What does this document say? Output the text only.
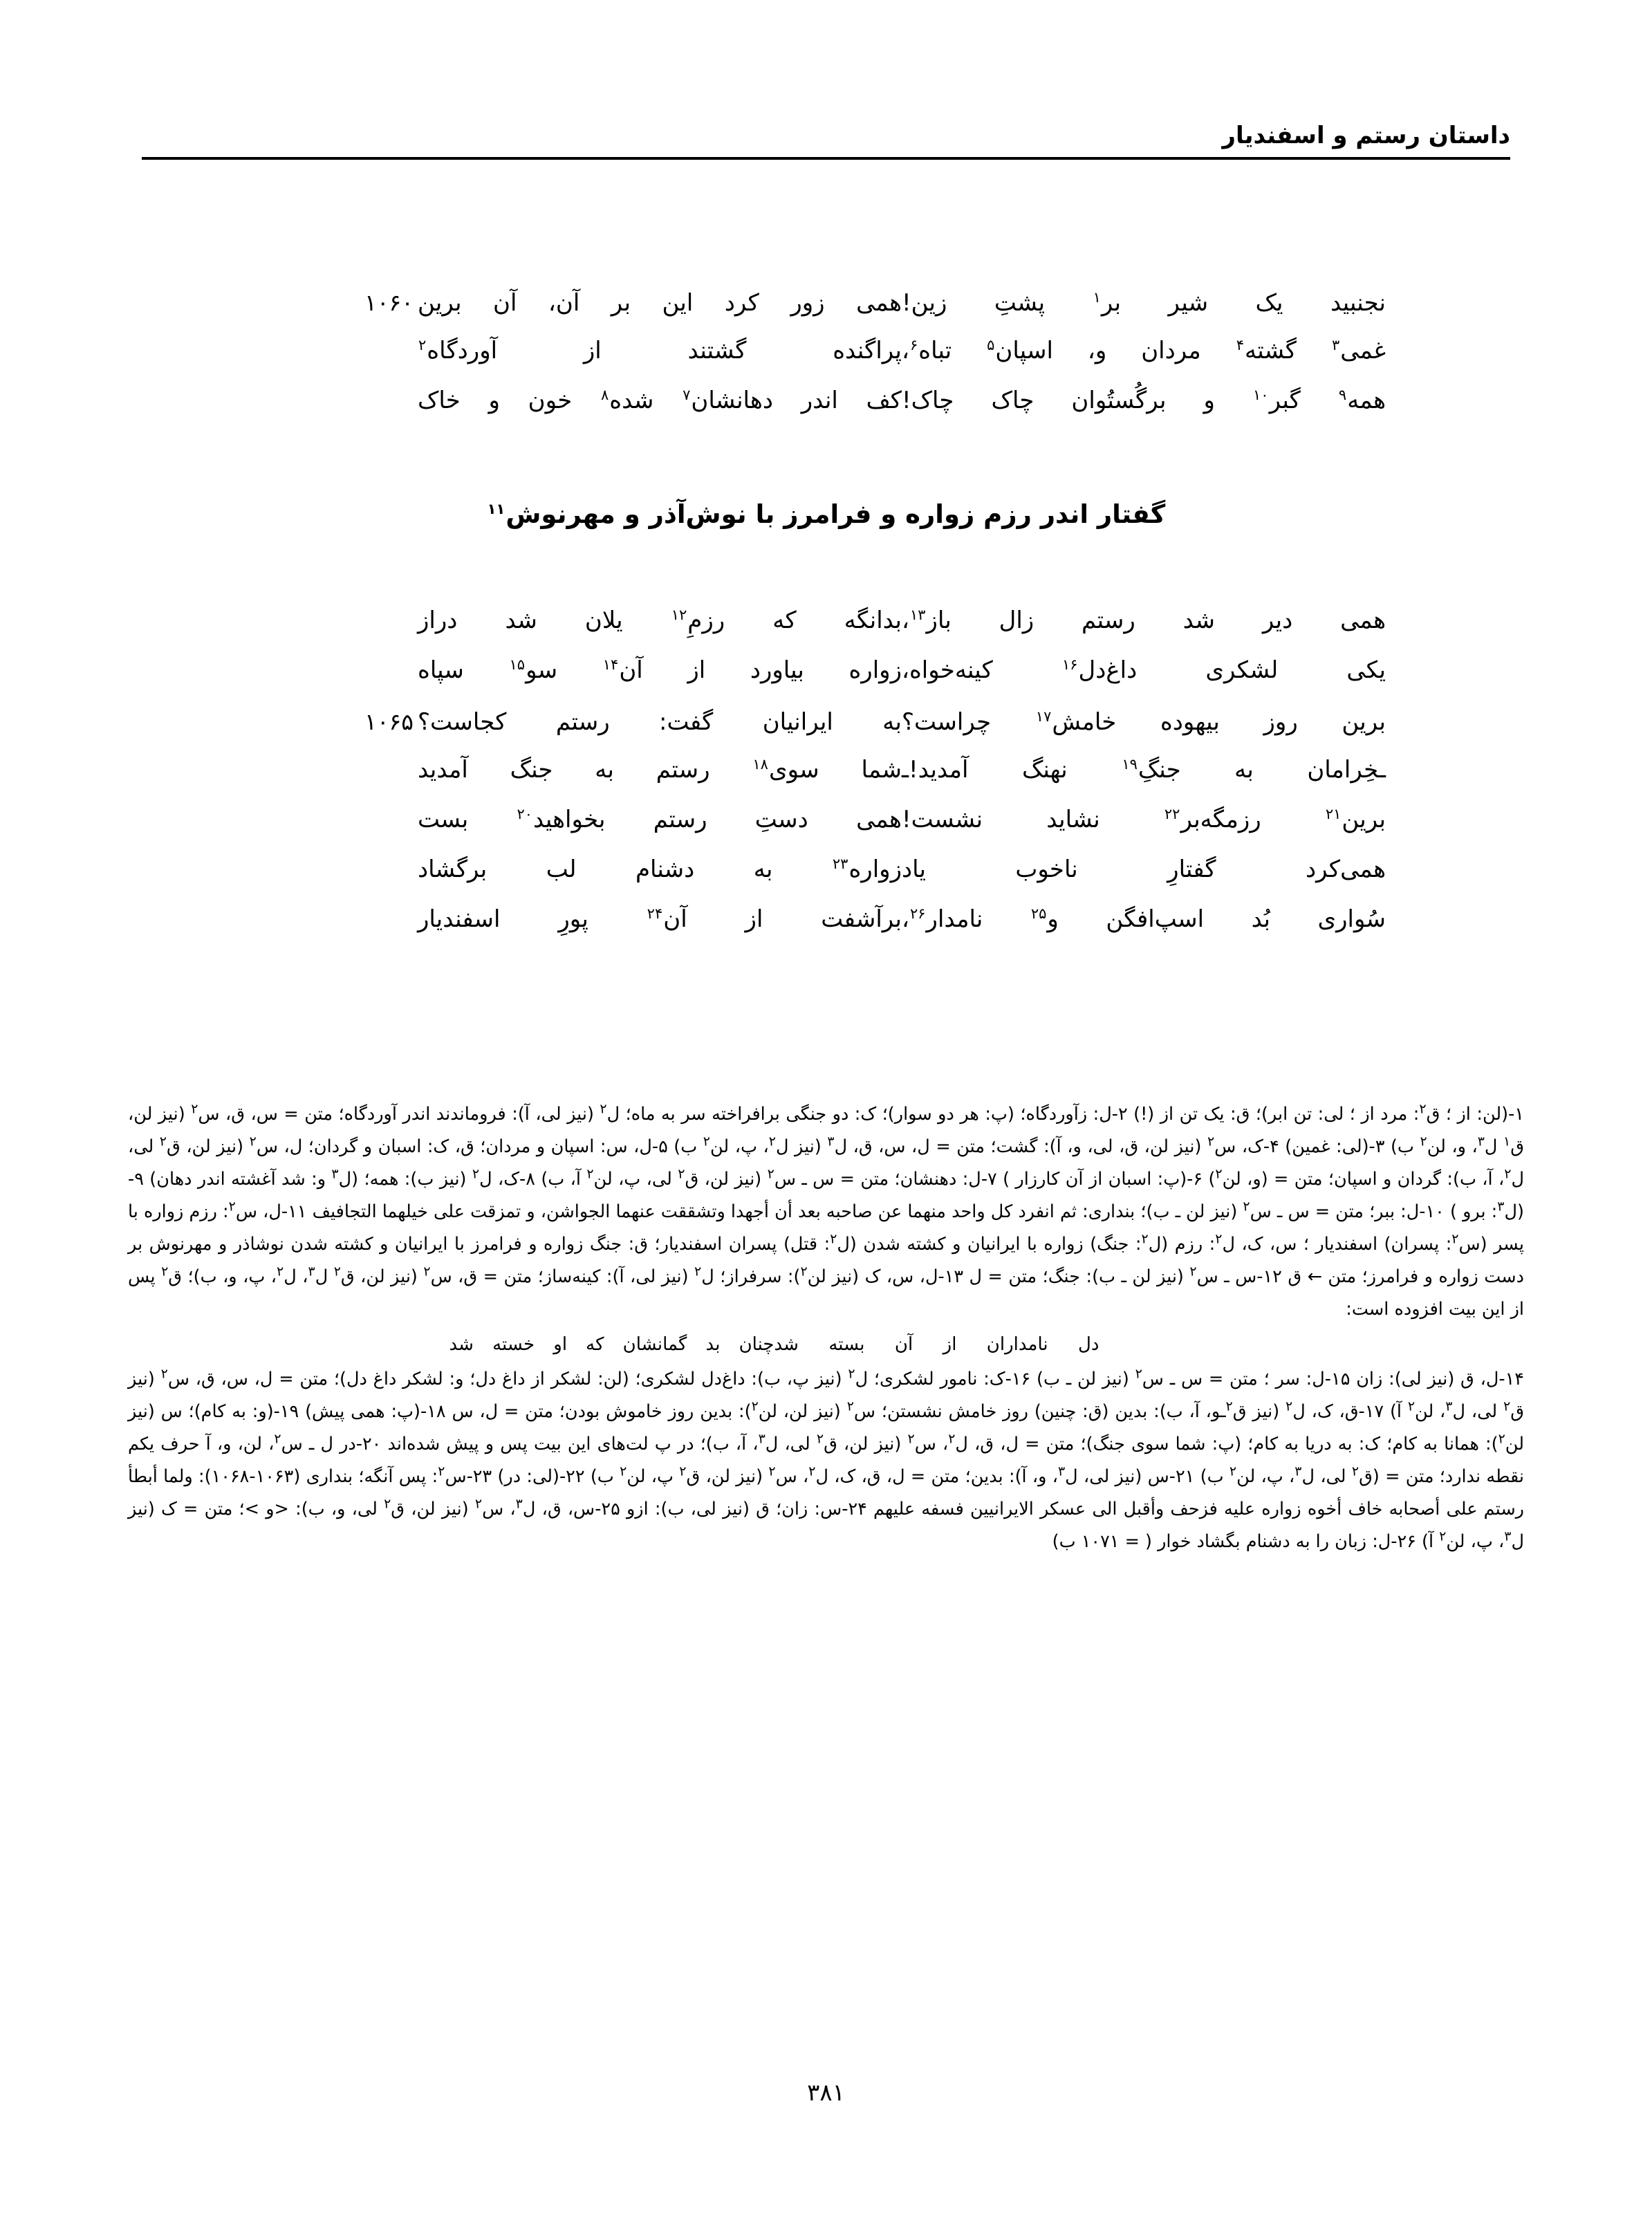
داستان رستم و اسفندیار
نجنبید یک شیر بر$^۱$ پشتِ زین!
همی زور کرد این بر آن، آن برین
۱۰۶۰
غمی$^۳$ گشته$^۴$ مردان و، اسپان$^۵$ تباه$^۶$،
پراگنده گشتند از آوردگاه$^۲$
همه$^۹$ گبر$^{۱۰}$ و برگُستُوان چاک چاک!
کف اندر دهانشان$^۷$ شده$^۸$ خون و خاک
گفتار اندر رزم زواره و فرامرز با نوش‌آذر و مهرنوش$^{۱۱}$
همی دیر شد رستم زال باز$^{۱۳}$،
بدانگه که رزمِ$^{۱۲}$ یلان شد دراز
یکی لشکری داغ‌دل$^{۱۶}$ کینه‌خواه،
زواره بیاورد از آن$^{۱۴}$ سو$^{۱۵}$ سپاه
برین روز بیهوده خامش$^{۱۷}$ چراست؟
به ایرانیان گفت: رستم کجاست؟
۱۰۶۵
ـخِرامان به جنگِ$^{۱۹}$ نهنگ آمدید!ـ
شما سوی$^{۱۸}$ رستم به جنگ آمدید
برین$^{۲۱}$ رزمگه‌بر$^{۲۲}$ نشاید نشست!
همی دستِ رستم بخواهید$^{۲۰}$ بست
همی‌کرد گفتارِ ناخوب یاد
زواره$^{۲۳}$ به دشنام لب برگشاد
سُواری بُد اسپ‌افگن و$^{۲۵}$ نامدار$^{۲۶}$،
برآشفت از آن$^{۲۴}$ پورِ اسفندیار

۱-(لن: از ؛ ق$^۲$: مرد از ؛ لی: تن ابر)؛ ق: یک تن از (!) ۲-ل: زآوردگاه؛ (پ: هر دو سوار)؛ ک: دو جنگی برافراخته سر به ماه؛ ل$^۲$ (نیز لی، آ): فروماندند اندر آوردگاه؛ متن = س، ق، س$^۲$ (نیز لن، ق$^۱$ ل$^۳$، و، لن$^۲$ ب) ۳-(لی: غمین) ۴-ک، س$^۲$ (نیز لن، ق، لی، و، آ): گشت؛ متن = ل، س، ق، ل$^۳$ (نیز ل$^۲$، پ، لن$^۲$ ب) ۵-ل، س: اسپان و مردان؛ ق، ک: اسبان و گردان؛ ل، س$^۲$ (نیز لن، ق$^۲$ لی، ل$^۲$، آ، ب): گردان و اسپان؛ متن = (و، لن$^۲$) ۶-(پ: اسبان از آن کارزار ) ۷-ل: دهنشان؛ متن = س ـ س$^۲$ (نیز لن، ق$^۲$ لی، پ، لن$^۲$ آ، ب) ۸-ک، ل$^۲$ (نیز ب): همه؛ (ل$^۳$ و: شد آغشته اندر دهان) ۹-(ل$^۳$: برو ) ۱۰-ل: ببر؛ متن = س ـ س$^۲$ (نیز لن ـ ب)؛ بنداری: ثم انفرد کل واحد منهما عن صاحبه بعد أن أجهدا وتشققت عنهما الجواشن، و تمزقت علی خیلهما التجافیف ۱۱-ل، س$^۲$: رزم زواره با پسر (س$^۲$: پسران) اسفندیار ؛ س، ک، ل$^۲$: رزم (ل$^۲$: جنگ) زواره با ایرانیان و کشته شدن (ل$^۲$: قتل) پسران اسفندیار؛ ق: جنگ زواره و فرامرز با ایرانیان و کشته شدن نوشاذر و مهرنوش بر دست زواره و فرامرز؛ متن ← ق ۱۲-س ـ س$^۲$ (نیز لن ـ ب): جنگ؛ متن = ل ۱۳-ل، س، ک (نیز لن$^۲$): سرفراز؛ ل$^۲$ (نیز لی، آ): کینه‌ساز؛ متن = ق، س$^۲$ (نیز لن، ق$^۲$ ل$^۳$، ل$^۲$، پ، و، ب)؛ ق$^۲$ پس از این بیت افزوده است:

دل نامداران از آن بسته شد
چنان بد گمانشان که او خسته شد

۱۴-ل، ق (نیز لی): زان ۱۵-ل: سر ؛ متن = س ـ س$^۲$ (نیز لن ـ ب) ۱۶-ک: نامور لشکری؛ ل$^۲$ (نیز پ، ب): داغ‌دل لشکری؛ (لن: لشکر از داغ دل؛ و: لشکر داغ دل)؛ متن = ل، س، ق، س$^۲$ (نیز ق$^۲$ لی، ل$^۳$، لن$^۲$ آ) ۱۷-ق، ک، ل$^۲$ (نیز ق$^۲$ـو، آ، ب): بدین (ق: چنین) روز خامش نشستن؛ س$^۲$ (نیز لن، لن$^۲$): بدین روز خاموش بودن؛ متن = ل، س ۱۸-(پ: همی پیش) ۱۹-(و: به کام)؛ س (نیز لن$^۲$): همانا به کام؛ ک: به دریا به کام؛ (پ: شما سوی جنگ)؛ متن = ل، ق، ل$^۲$، س$^۲$ (نیز لن، ق$^۲$ لی، ل$^۳$، آ، ب)؛ در پ لت‌های این بیت پس و پیش شده‌اند ۲۰-در ل ـ س$^۲$، لن، و، آ حرف یکم نقطه ندارد؛ متن = (ق$^۲$ لی، ل$^۳$، پ، لن$^۲$ ب) ۲۱-س (نیز لی، ل$^۳$، و، آ): بدین؛ متن = ل، ق، ک، ل$^۲$، س$^۲$ (نیز لن، ق$^۲$ پ، لن$^۲$ ب) ۲۲-(لی: در) ۲۳-س$^۲$: پس آنگه؛ بنداری (۱۰۶۳-۱۰۶۸): ولما أبطأ رستم علی أصحابه خاف أخوه زواره علیه فزحف وأقبل الی عسکر الایرانیین فسفه علیهم ۲۴-س: زان؛ ق (نیز لی، ب): ازو ۲۵-س، ق، ل$^۳$، س$^۲$ (نیز لن، ق$^۲$ لی، و، ب): <و >؛ متن = ک (نیز ل$^۳$، پ، لن$^۲$ آ) ۲۶-ل: زبان را به دشنام بگشاد خوار ( = ۱۰۷۱ ب)

۳۸۱
